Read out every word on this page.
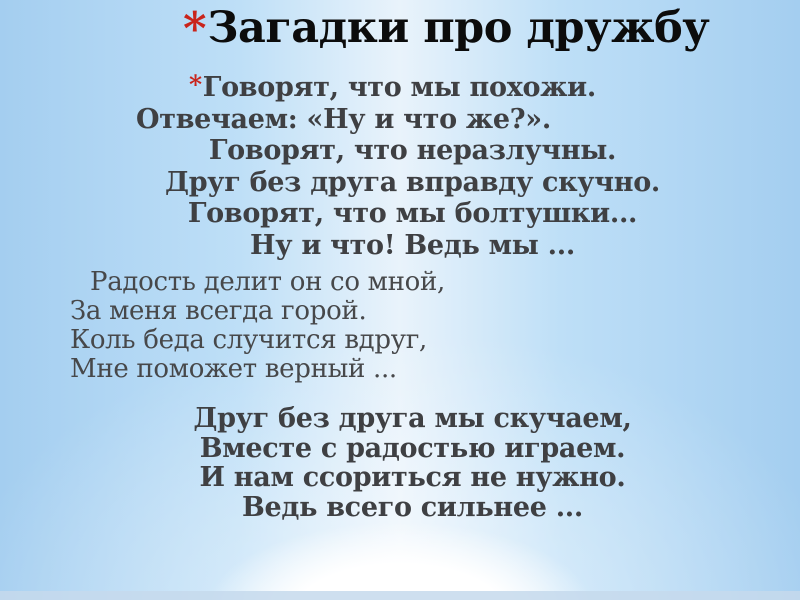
* Загадки про дружбу
*Говорят, что мы похожи.
Отвечаем: «Ну и что же?».
Говорят, что неразлучны.
Друг без друга вправду скучно.
Говорят, что мы болтушки...
Ну и что! Ведь мы ...
Радость делит он со мной,
За меня всегда горой.
Коль беда случится вдруг,
Мне поможет верный ...
Друг без друга мы скучаем,
Вместе с радостью играем.
И нам ссориться не нужно.
Ведь всего сильнее ...
